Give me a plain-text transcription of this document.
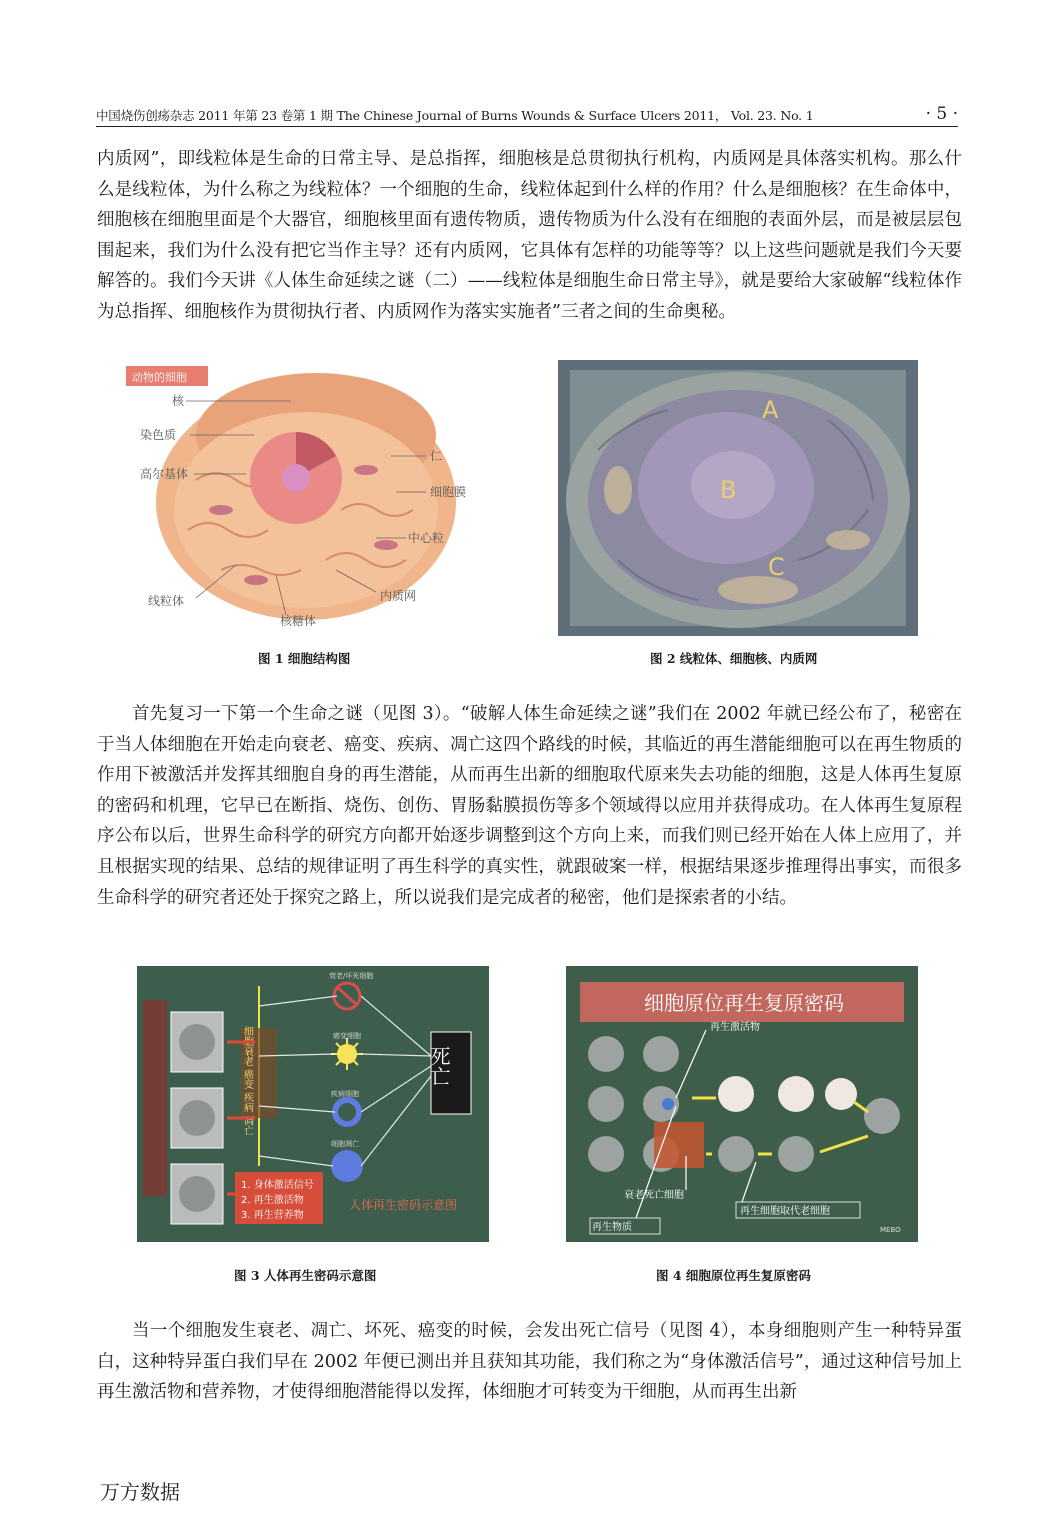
中国烧伤创疡杂志 2011 年第 23 卷第 1 期 The Chinese Journal of Burns Wounds & Surface Ulcers 2011， Vol. 23. No. 1	· 5 ·

内质网”，即线粒体是生命的日常主导、是总指挥，细胞核是总贯彻执行机构，内质网是具体落实机构。那么什么是线粒体，为什么称之为线粒体？一个细胞的生命，线粒体起到什么样的作用？什么是细胞核？在生命体中，细胞核在细胞里面是个大器官，细胞核里面有遗传物质，遗传物质为什么没有在细胞的表面外层，而是被层层包围起来，我们为什么没有把它当作主导？还有内质网，它具体有怎样的功能等等？以上这些问题就是我们今天要解答的。我们今天讲《人体生命延续之谜（二）——线粒体是细胞生命日常主导》，就是要给大家破解“线粒体作为总指挥、细胞核作为贯彻执行者、内质网作为落实实施者”三者之间的生命奥秘。

动物的细胞
核
染色质
高尔基体
仁
细胞膜
中心粒
线粒体	内质网
核糖体
图 1 细胞结构图
A
B
C
图 2 线粒体、细胞核、内质网

首先复习一下第一个生命之谜（见图 3）。“破解人体生命延续之谜”我们在 2002 年就已经公布了，秘密在于当人体细胞在开始走向衰老、癌变、疾病、凋亡这四个路线的时候，其临近的再生潜能细胞可以在再生物质的作用下被激活并发挥其细胞自身的再生潜能，从而再生出新的细胞取代原来失去功能的细胞，这是人体再生复原的密码和机理，它早已在断指、烧伤、创伤、胃肠黏膜损伤等多个领域得以应用并获得成功。在人体再生复原程序公布以后，世界生命科学的研究方向都开始逐步调整到这个方向上来，而我们则已经开始在人体上应用了，并且根据实现的结果、总结的规律证明了再生科学的真实性，就跟破案一样，根据结果逐步推理得出事实，而很多生命科学的研究者还处于探究之路上，所以说我们是完成者的秘密，他们是探索者的小结。

细胞衰老 癌变 疾病 凋亡
衰老/坏死细胞
癌变细胞
疾病细胞
细胞凋亡
死亡
1. 身体激活信号
2. 再生激活物
3. 再生营养物
人体再生密码示意图
图 3 人体再生密码示意图
细胞原位再生复原密码
再生激活物
衰老死亡细胞
再生物质
再生细胞取代老细胞
MEBO
图 4 细胞原位再生复原密码

当一个细胞发生衰老、凋亡、坏死、癌变的时候，会发出死亡信号（见图 4），本身细胞则产生一种特异蛋白，这种特异蛋白我们早在 2002 年便已测出并且获知其功能，我们称之为“身体激活信号”，通过这种信号加上再生激活物和营养物，才使得细胞潜能得以发挥，体细胞才可转变为干细胞，从而再生出新

万方数据
